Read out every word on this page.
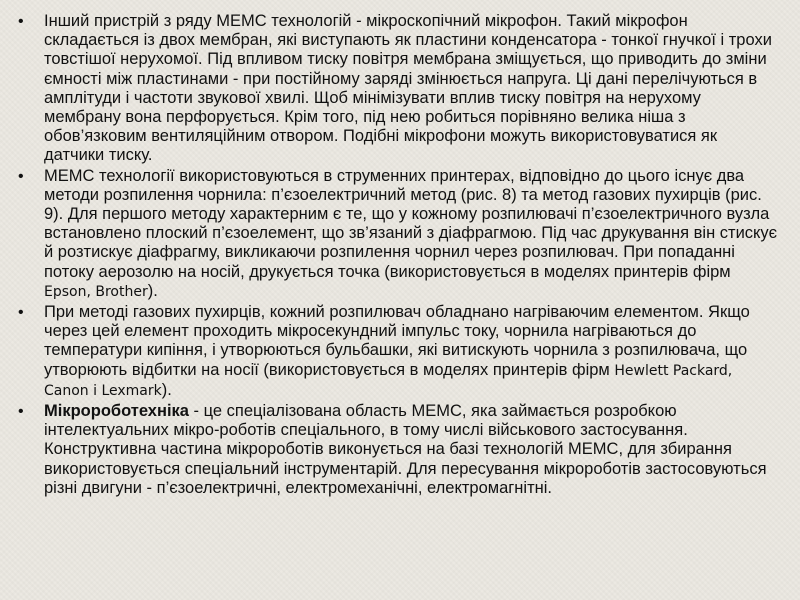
• Інший пристрій з ряду МЕМС технологій - мікроскопічний мікрофон. Такий мікрофон складається із двох мембран, які виступають як пластини конденсатора - тонкої гнучкої і трохи товстішої нерухомої. Під впливом тиску повітря мембрана зміщується, що приводить до зміни ємності між пластинами - при постійному заряді змінюється напруга. Ці дані перелічуються в амплітуди і частоти звукової хвилі. Щоб мінімізувати вплив тиску повітря на нерухому мембрану вона перфорується. Крім того, під нею робиться порівняно велика ніша з обов’язковим вентиляційним отвором. Подібні мікрофони можуть використовуватися як датчики тиску.
• МЕМС технології використовуються в струменних принтерах, відповідно до цього існує два методи розпилення чорнила: п’єзоелектричний метод (рис. 8) та метод газових пухирців (рис. 9). Для першого методу характерним є те, що у кожному розпилювачі п’єзоелектричного вузла встановлено плоский п’єзоелемент, що зв’язаний з діафрагмою. Під час друкування він стискує й розтискує діафрагму, викликаючи розпилення чорнил через розпилювач. При попаданні потоку аерозолю на носій, друкується точка (використовується в моделях принтерів фірм Epson, Brother).
• При методі газових пухирців, кожний розпилювач обладнано нагріваючим елементом. Якщо через цей елемент проходить мікросекундний імпульс току, чорнила нагріваються до температури кипіння, і утворюються бульбашки, які витискують чорнила з розпилювача, що утворюють відбитки на носії (використовується в моделях принтерів фірм Hewlett Packard, Canon і Lexmark).
• Мікророботехніка - це спеціалізована область МЕМС, яка займається розробкою інтелектуальних мікро-роботів спеціального, в тому числі військового застосування. Конструктивна частина мікророботів виконується на базі технологій МЕМС, для збирання використовується спеціальний інструментарій. Для пересування мікророботів застосовуються різні двигуни - п’єзоелектричні, електромеханічні, електромагнітні.
